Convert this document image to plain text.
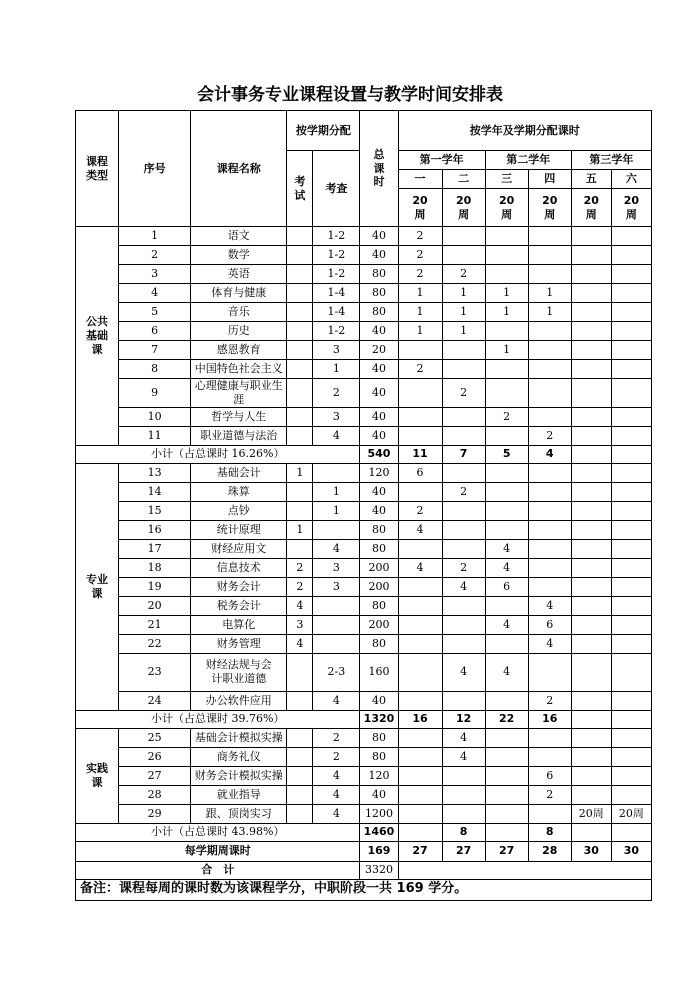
会计事务专业课程设置与教学时间安排表
课程类型	序号	课程名称	按学期分配		总课时	按学年及学期分配课时					
			考试	考查		第一学年		第二学年		第三学年	
						一	二	三	四	五	六
						20周	20周	20周	20周	20周	20周
公共基础课	1	语文		1-2	40	2					
	2	数学		1-2	40	2					
	3	英语		1-2	80	2	2				
	4	体育与健康		1-4	80	1	1	1	1		
	5	音乐		1-4	80	1	1	1	1		
	6	历史		1-2	40	1	1				
	7	感恩教育		3	20			1			
	8	中国特色社会主义		1	40	2					
	9	心理健康与职业生涯		2	40		2				
	10	哲学与人生		3	40			2			
	11	职业道德与法治		4	40				2		
小计（占总课时 16.26%）					540	11	7	5	4		
专业课	13	基础会计	1		120	6					
	14	珠算		1	40		2				
	15	点钞		1	40	2					
	16	统计原理	1		80	4					
	17	财经应用文		4	80			4			
	18	信息技术	2	3	200	4	2	4			
	19	财务会计	2	3	200		4	6			
	20	税务会计	4		80				4		
	21	电算化	3		200			4	6		
	22	财务管理	4		80				4		
	23	财经法规与会计职业道德		2-3	160		4	4			
	24	办公软件应用		4	40				2		
小计（占总课时 39.76%）					1320	16	12	22	16		
实践课	25	基础会计模拟实操		2	80		4				
	26	商务礼仪		2	80		4				
	27	财务会计模拟实操		4	120				6		
	28	就业指导		4	40				2		
	29	跟、顶岗实习		4	1200					20周	20周
小计（占总课时 43.98%）					1460		8		8		
每学期周课时					169	27	27	27	28	30	30
合　计					3320						
备注：课程每周的课时数为该课程学分，中职阶段一共 169 学分。											
